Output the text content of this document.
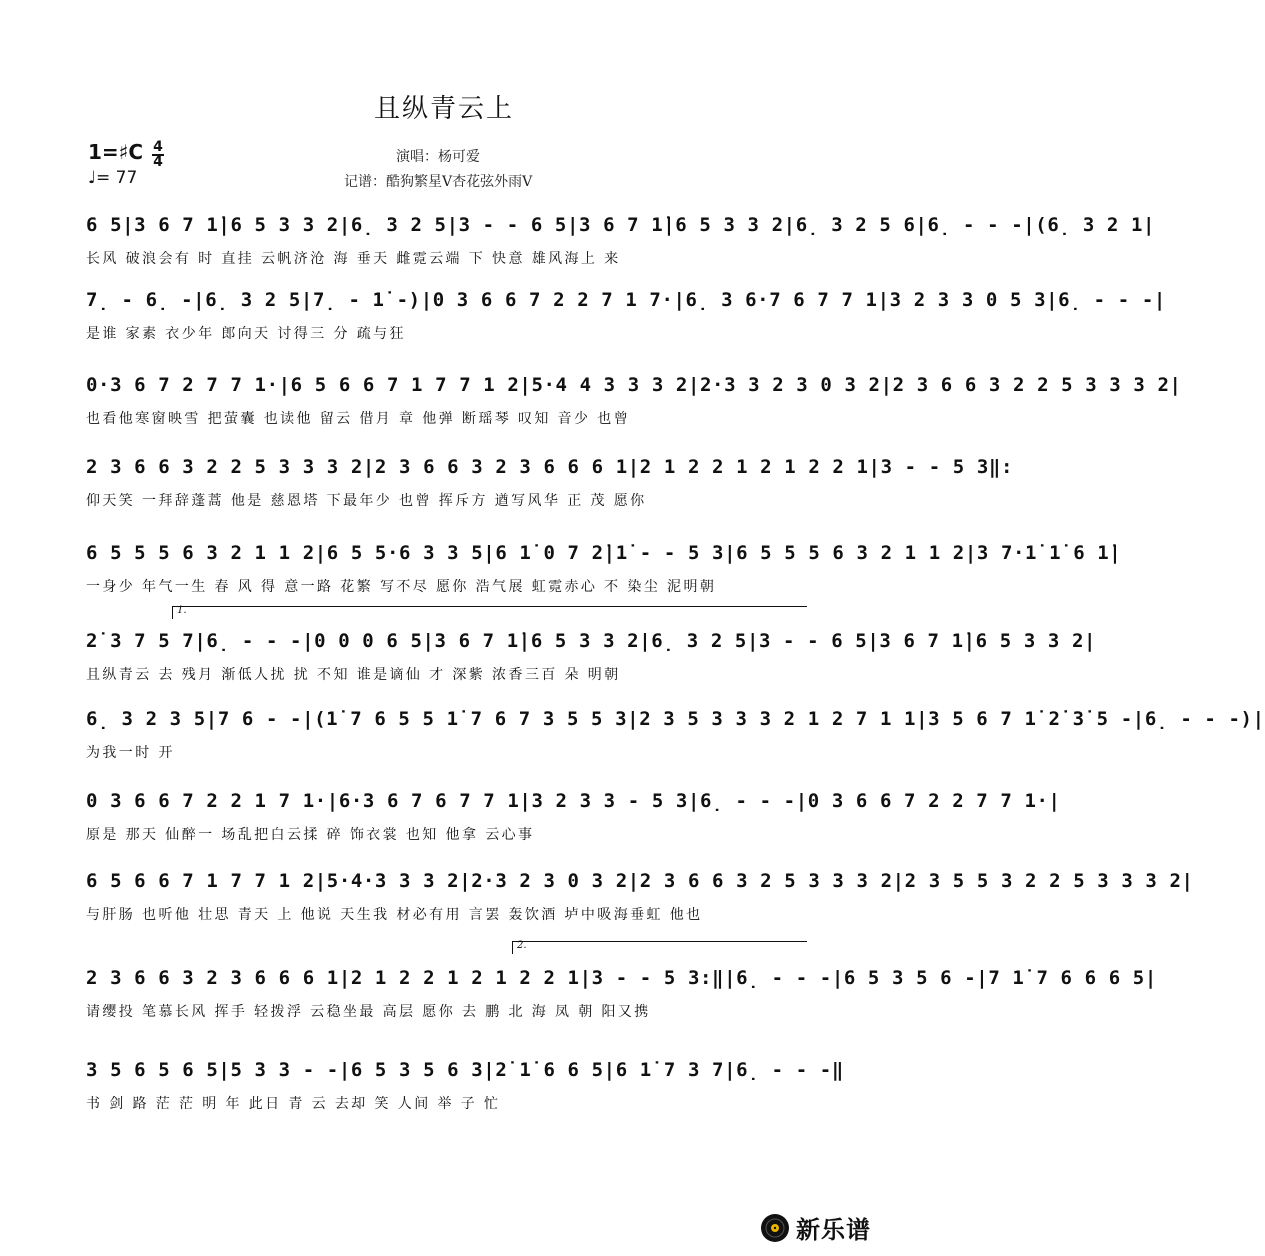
且纵青云上
1=♯C 4
4
♩= 77
演唱：杨可爱
记谱：酷狗繁星V杏花弦外雨V
6 5|3 6 7 1̇|6 5 3 3 2|6̣ 3 2 5|3 - - 6 5|3 6 7 1̇|6 5 3 3 2|6̣ 3 2 5 6|6̣ - - -|(6̣ 3 2 1|
长风 破浪会有 时 直挂 云帆济沧 海 垂天 雌霓云端 下 快意 雄风海上 来
7̣ - 6̣ -|6̣ 3 2 5|7̣ - 1̇ -)|0 3 6 6 7 2 2 7 1 7·|6̣ 3 6·7 6 7 7 1|3 2 3 3 0 5 3|6̣ - - -|
是谁 家素 衣少年 郎向天 讨得三 分 疏与狂
0·3 6 7 2 7 7 1·|6 5 6 6 7 1 7 7 1 2|5·4 4 3 3 3 2|2·3 3 2 3 0 3 2|2 3 6 6 3 2 2 5 3 3 3 2|
也看他寒窗映雪 把萤囊 也读他 留云 借月 章 他弹 断瑶琴 叹知 音少 也曾
2 3 6 6 3 2 2 5 3 3 3 2|2 3 6 6 3 2 3 6 6 6 1|2 1 2 2 1 2 1 2 2 1|3 - - 5 3‖:
仰天笑 一拜辞蓬蒿 他是 慈恩塔 下最年少 也曾 挥斥方 遒写风华 正 茂 愿你
6 5 5 5 6 3 2 1 1 2|6 5 5·6 3 3 5|6 1̇ 0 7 2̇|1̇ - - 5 3|6 5 5 5 6 3 2 1 1 2|3 7·1̇ 1̇ 6 1̇|
一身少 年气一生 春 风 得 意一路 花繁 写不尽 愿你 浩气展 虹霓赤心 不 染尘 泥明朝
2̇ 3 7 5 7|6̣ - - -|0 0 0 6 5|3 6 7 1̇|6 5 3 3 2|6̣ 3 2 5|3 - - 6 5|3 6 7 1̇|6 5 3 3 2|
且纵青云 去 残月 渐低人扰 扰 不知 谁是谪仙 才 深紫 浓香三百 朵 明朝
6̣ 3 2 3 5|7 6 - -|(1̇ 7 6 5 5 1̇ 7 6 7 3 5 5 3|2 3 5 3 3 3 2 1 2 7 1 1|3 5 6 7 1̇ 2̇ 3̇ 5 -|6̣ - - -)|
为我一时 开
0 3 6 6 7 2 2 1 7 1·|6·3 6 7 6 7 7 1|3 2 3 3 - 5 3|6̣ - - -|0 3 6 6 7 2 2 7 7 1·|
原是 那天 仙醉一 场乱把白云揉 碎 饰衣裳 也知 他拿 云心事
6 5 6 6 7 1 7 7 1 2|5·4·3 3 3 2|2·3 2 3 0 3 2|2 3 6 6 3 2 5 3 3 3 2|2 3 5 5 3 2 2 5 3 3 3 2|
与肝肠 也听他 壮思 青天 上 他说 天生我 材必有用 言罢 轰饮酒 垆中吸海垂虹 他也
2 3 6 6 3 2 3 6 6 6 1|2 1 2 2 1 2 1 2 2 1|3 - - 5 3:‖|6̣ - - -|6 5 3 5 6 -|7 1̇ 7 6 6 6 5|
请缨投 笔慕长风 挥手 轻拨浮 云稳坐最 高层 愿你 去 鹏 北 海 凤 朝 阳又携
3 5 6 5 6 5|5 3 3 - -|6 5 3 5 6 3|2̇ 1̇ 6 6 5|6 1̇ 7 3 7|6̣ - - -‖
书 剑 路 茫 茫 明 年 此日 青 云 去却 笑 人间 举 子 忙
1.
2.
新乐谱
